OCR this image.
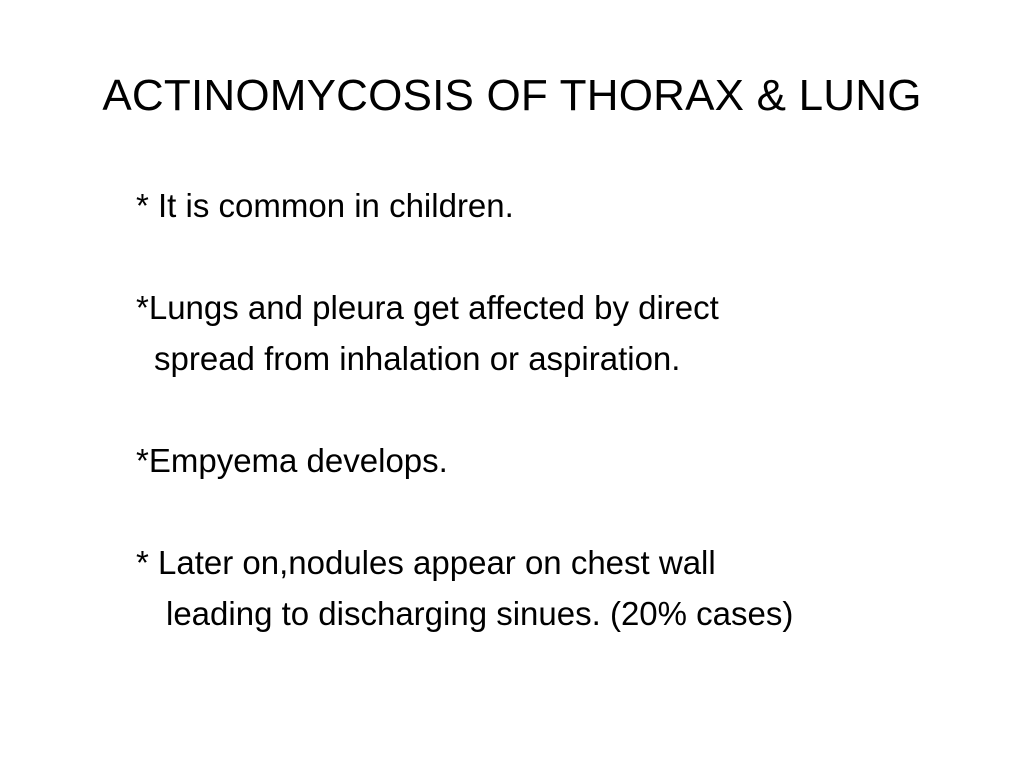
ACTINOMYCOSIS OF THORAX & LUNG
* It is common in children.
*Lungs and pleura get affected by direct
spread from inhalation or aspiration.
*Empyema develops.
* Later on,nodules appear on chest wall
leading to discharging sinues. (20% cases)
